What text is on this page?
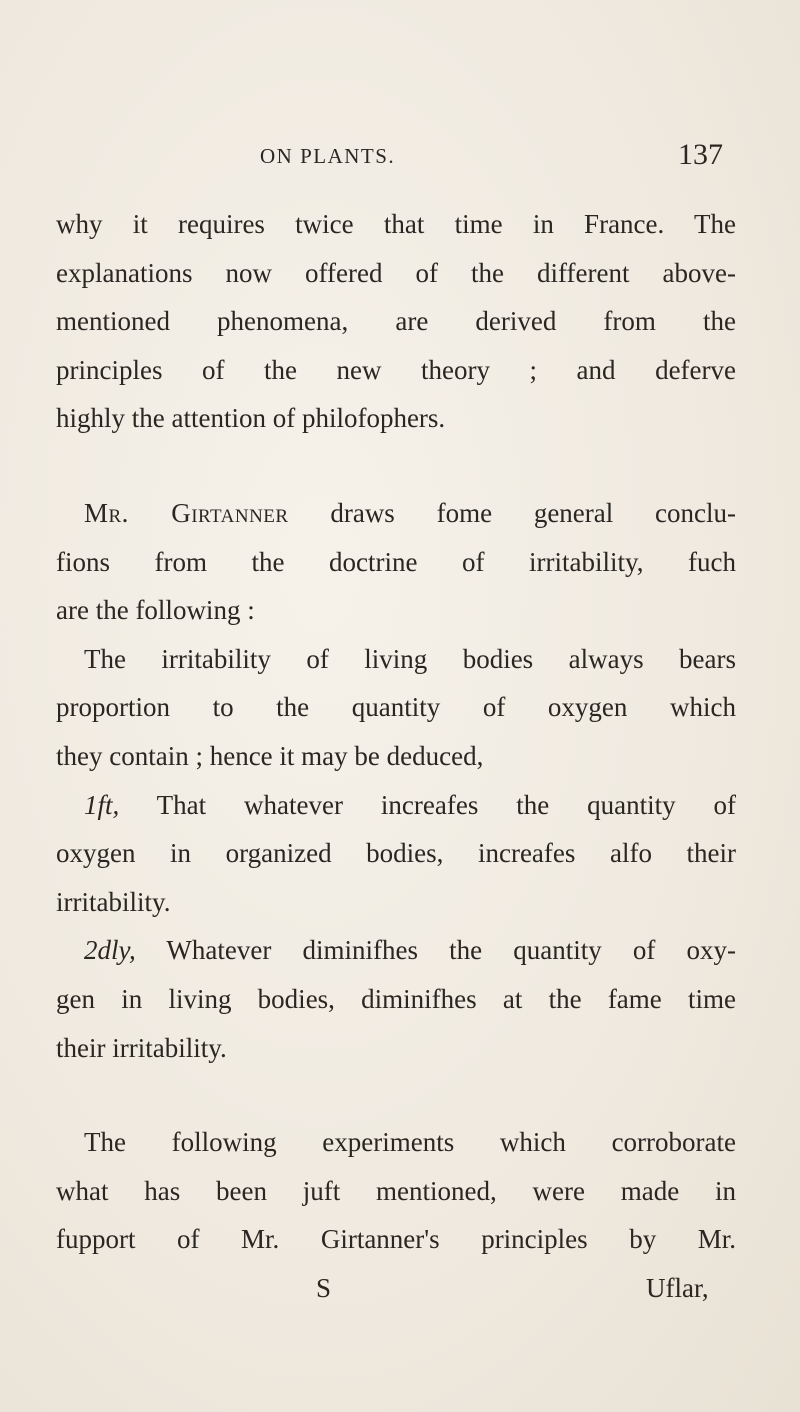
ON PLANTS.	137
why it requires twice that time in France. The
explanations now offered of the different above-
mentioned phenomena, are derived from the
principles of the new theory ; and deferve
highly the attention of philofophers.
Mr. Girtanner draws fome general conclu-
fions from the doctrine of irritability, fuch
are the following :
The irritability of living bodies always bears
proportion to the quantity of oxygen which
they contain ; hence it may be deduced,
1ft, That whatever increafes the quantity of
oxygen in organized bodies, increafes alfo their
irritability.
2dly, Whatever diminifhes the quantity of oxy-
gen in living bodies, diminifhes at the fame time
their irritability.
The following experiments which corroborate
what has been juft mentioned, were made in
fupport of Mr. Girtanner's principles by Mr.
S	Uflar,
